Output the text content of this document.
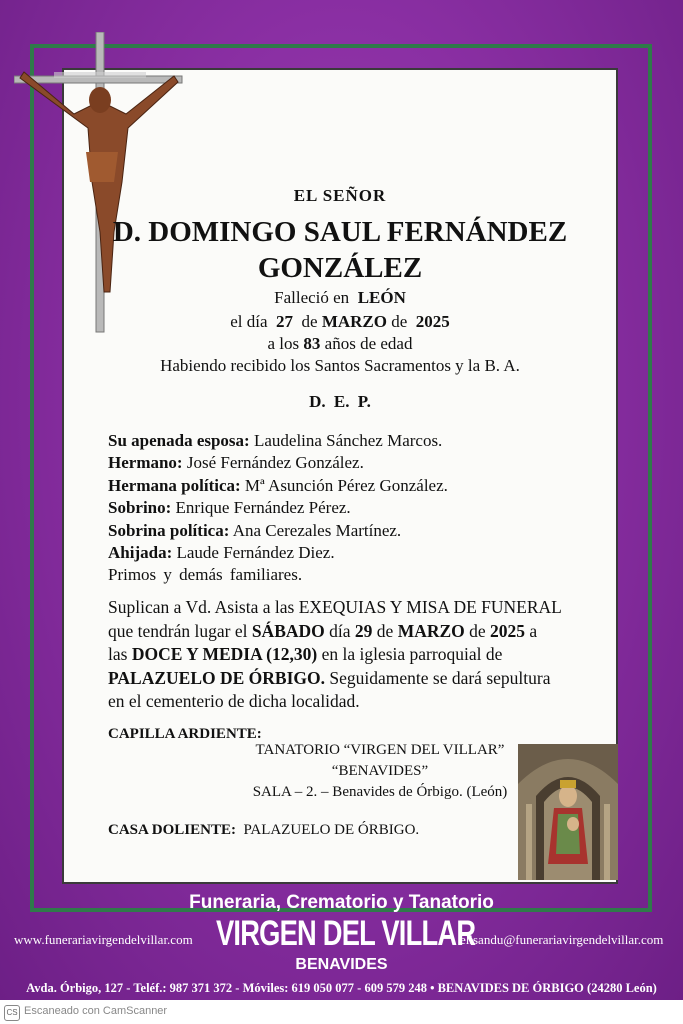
EL SEÑOR
D. DOMINGO SAUL FERNÁNDEZ
GONZÁLEZ
Falleció en LEÓN
el día 27 de MARZO de 2025
a los 83 años de edad
Habiendo recibido los Santos Sacramentos y la B. A.
D. E. P.
Su apenada esposa: Laudelina Sánchez Marcos.
Hermano: José Fernández González.
Hermana política: Mª Asunción Pérez González.
Sobrino: Enrique Fernández Pérez.
Sobrina política: Ana Cerezales Martínez.
Ahijada: Laude Fernández Diez.
Primos y demás familiares.
Suplican a Vd. Asista a las EXEQUIAS Y MISA DE FUNERAL
que tendrán lugar el SÁBADO día 29 de MARZO de 2025 a
las DOCE Y MEDIA (12,30) en la iglesia parroquial de
PALAZUELO DE ÓRBIGO. Seguidamente se dará sepultura
en el cementerio de dicha localidad.
CAPILLA ARDIENTE:
TANATORIO “VIRGEN DEL VILLAR”
“BENAVIDES”
SALA – 2. – Benavides de Órbigo. (León)
CASA DOLIENTE: PALAZUELO DE ÓRBIGO.
Funeraria, Crematorio y Tanatorio
www.funerariavirgendelvillar.com VIRGEN DEL VILLAR
elisandu@funerariavirgendelvillar.com
BENAVIDES
Avda. Órbigo, 127 - Teléf.: 987 371 372 - Móviles: 619 050 077 - 609 579 248 • BENAVIDES DE ÓRBIGO (24280 León)
CS Escaneado con CamScanner
